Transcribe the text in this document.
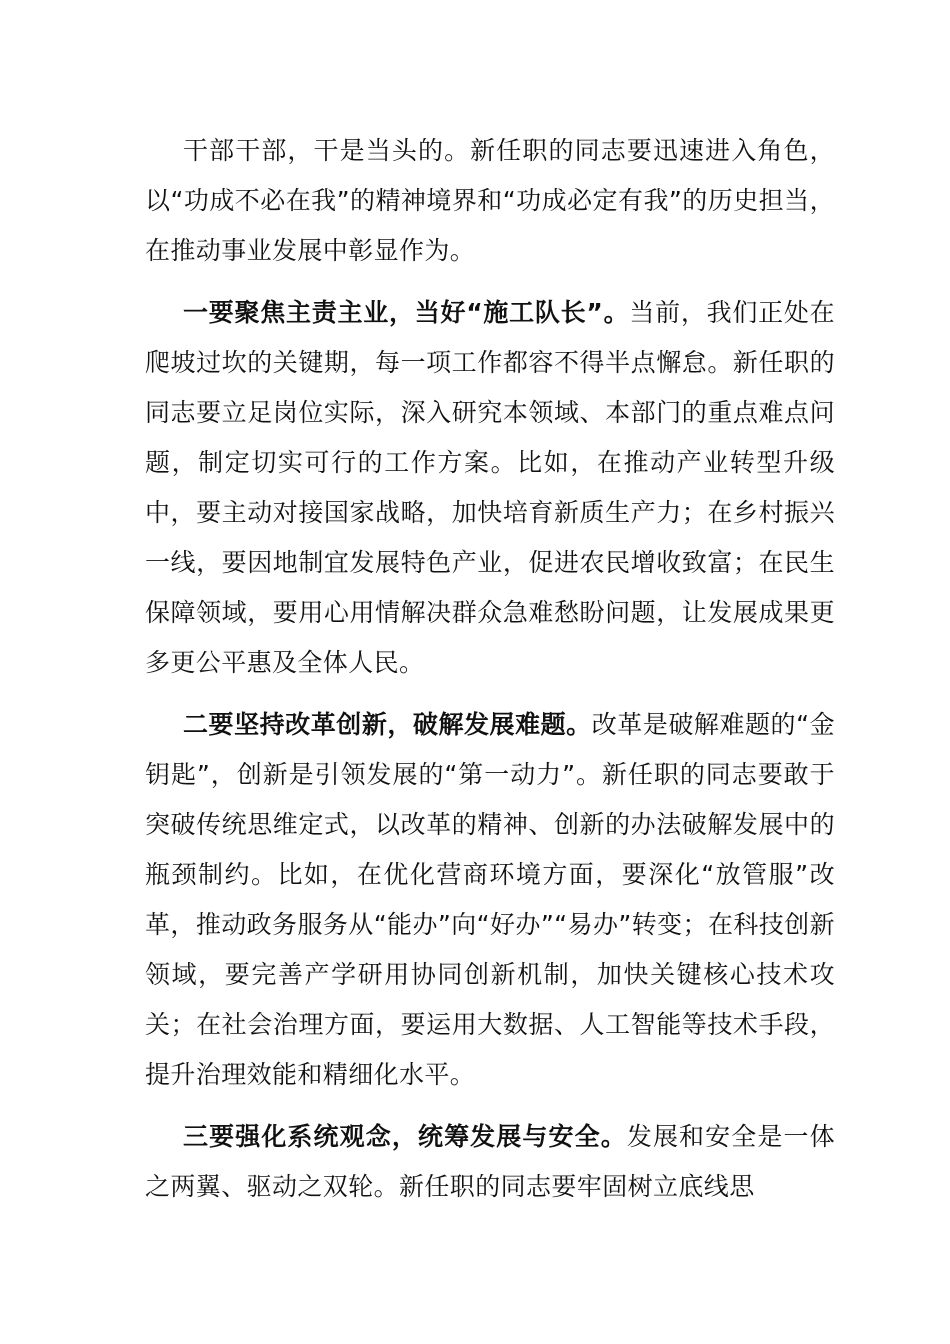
干部干部，干是当头的。新任职的同志要迅速进入角色，以“功成不必在我”的精神境界和“功成必定有我”的历史担当，在推动事业发展中彰显作为。

一要聚焦主责主业，当好“施工队长”。当前，我们正处在爬坡过坎的关键期，每一项工作都容不得半点懈怠。新任职的同志要立足岗位实际，深入研究本领域、本部门的重点难点问题，制定切实可行的工作方案。比如，在推动产业转型升级中，要主动对接国家战略，加快培育新质生产力；在乡村振兴一线，要因地制宜发展特色产业，促进农民增收致富；在民生保障领域，要用心用情解决群众急难愁盼问题，让发展成果更多更公平惠及全体人民。

二要坚持改革创新，破解发展难题。改革是破解难题的“金钥匙”，创新是引领发展的“第一动力”。新任职的同志要敢于突破传统思维定式，以改革的精神、创新的办法破解发展中的瓶颈制约。比如，在优化营商环境方面，要深化“放管服”改革，推动政务服务从“能办”向“好办”“易办”转变；在科技创新领域，要完善产学研用协同创新机制，加快关键核心技术攻关；在社会治理方面，要运用大数据、人工智能等技术手段，提升治理效能和精细化水平。

三要强化系统观念，统筹发展与安全。发展和安全是一体之两翼、驱动之双轮。新任职的同志要牢固树立底线思
